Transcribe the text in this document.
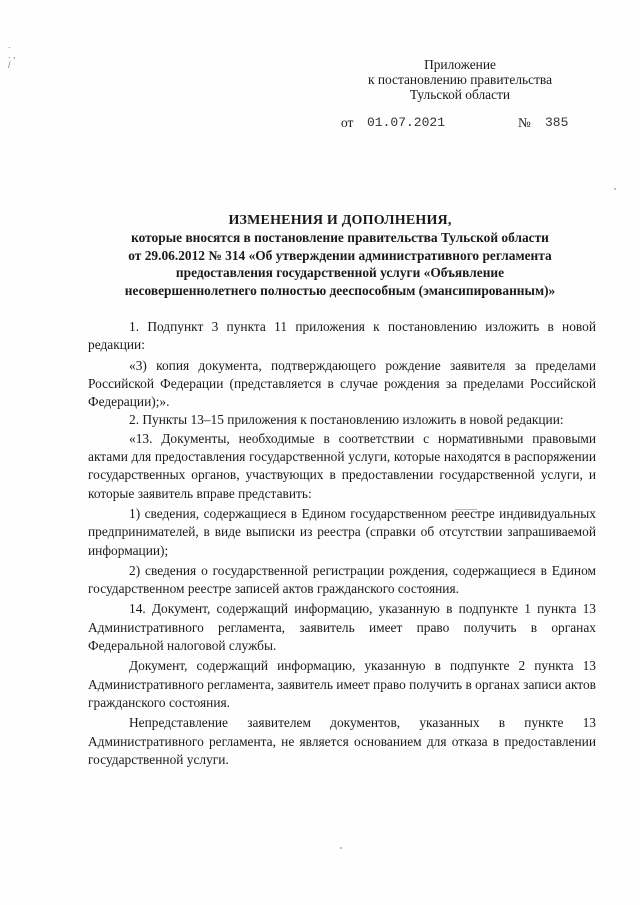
.
. ,
/	Приложение
к постановлению правительства
Тульской области
от 01.07.2021	№ 385
ИЗМЕНЕНИЯ И ДОПОЛНЕНИЯ,
которые вносятся в постановление правительства Тульской области
от 29.06.2012 № 314 «Об утверждении административного регламента
предоставления государственной услуги «Объявление
несовершеннолетнего полностью дееспособным (эмансипированным)»

1. Подпункт 3 пункта 11 приложения к постановлению изложить в новой редакции:

«3) копия документа, подтверждающего рождение заявителя за пределами Российской Федерации (представляется в случае рождения за пределами Российской Федерации);».

2. Пункты 13–15 приложения к постановлению изложить в новой редакции:

«13. Документы, необходимые в соответствии с нормативными правовыми актами для предоставления государственной услуги, которые находятся в распоряжении государственных органов, участвующих в предоставлении государственной услуги, и которые заявитель вправе представить:

1) сведения, содержащиеся в Едином государственном реестре индивидуальных предпринимателей, в виде выписки из реестра (справки об отсутствии запрашиваемой информации);

2) сведения о государственной регистрации рождения, содержащиеся в Едином государственном реестре записей актов гражданского состояния.

14. Документ, содержащий информацию, указанную в подпункте 1 пункта 13 Административного регламента, заявитель имеет право получить в органах Федеральной налоговой службы.

Документ, содержащий информацию, указанную в подпункте 2 пункта 13 Административного регламента, заявитель имеет право получить в органах записи актов гражданского состояния.

Непредставление заявителем документов, указанных в пункте 13 Административного регламента, не является основанием для отказа в предоставлении государственной услуги.
